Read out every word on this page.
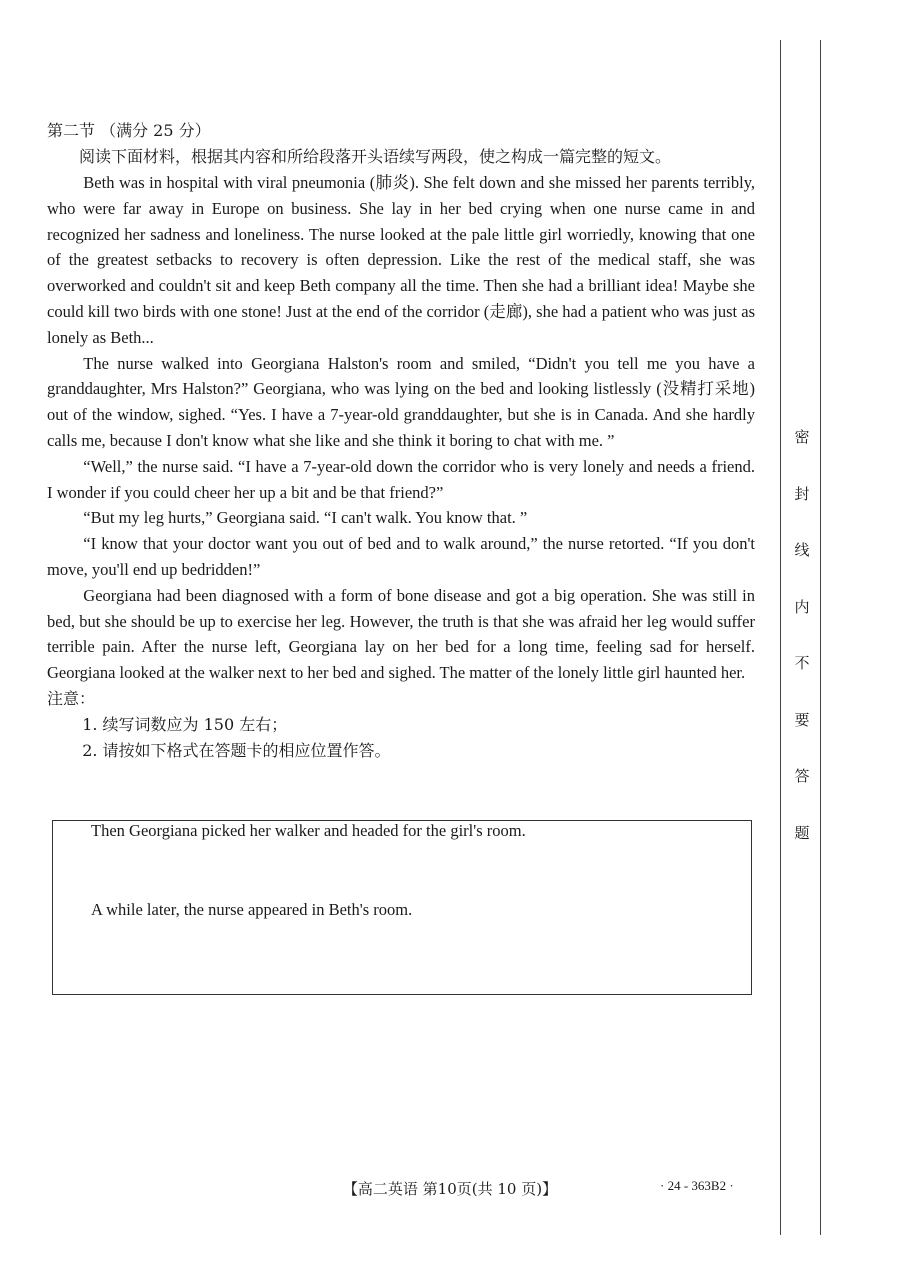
第二节 （满分 25 分）

阅读下面材料，根据其内容和所给段落开头语续写两段，使之构成一篇完整的短文。

Beth was in hospital with viral pneumonia (肺炎). She felt down and she missed her parents terribly, who were far away in Europe on business. She lay in her bed crying when one nurse came in and recognized her sadness and loneliness. The nurse looked at the pale little girl worriedly, knowing that one of the greatest setbacks to recovery is often depression. Like the rest of the medical staff, she was overworked and couldn't sit and keep Beth company all the time. Then she had a brilliant idea! Maybe she could kill two birds with one stone! Just at the end of the corridor (走廊), she had a patient who was just as lonely as Beth...

The nurse walked into Georgiana Halston's room and smiled, “Didn't you tell me you have a granddaughter, Mrs Halston?” Georgiana, who was lying on the bed and looking listlessly (没精打采地) out of the window, sighed. “Yes. I have a 7-year-old granddaughter, but she is in Canada. And she hardly calls me, because I don't know what she like and she think it boring to chat with me. ”

“Well,” the nurse said. “I have a 7-year-old down the corridor who is very lonely and needs a friend. I wonder if you could cheer her up a bit and be that friend?”

“But my leg hurts,” Georgiana said. “I can't walk. You know that. ”

“I know that your doctor want you out of bed and to walk around,” the nurse retorted. “If you don't move, you'll end up bedridden!”

Georgiana had been diagnosed with a form of bone disease and got a big operation. She was still in bed, but she should be up to exercise her leg. However, the truth is that she was afraid her leg would suffer terrible pain. After the nurse left, Georgiana lay on her bed for a long time, feeling sad for herself. Georgiana looked at the walker next to her bed and sighed. The matter of the lonely little girl haunted her.

注意：

1. 续写词数应为 150 左右；

2. 请按如下格式在答题卡的相应位置作答。

Then Georgiana picked her walker and headed for the girl's room.
A while later, the nurse appeared in Beth's room.
密
封
线
内
不
要
答
题
【高二英语 第10页(共 10 页)】	· 24 - 363B2 ·
